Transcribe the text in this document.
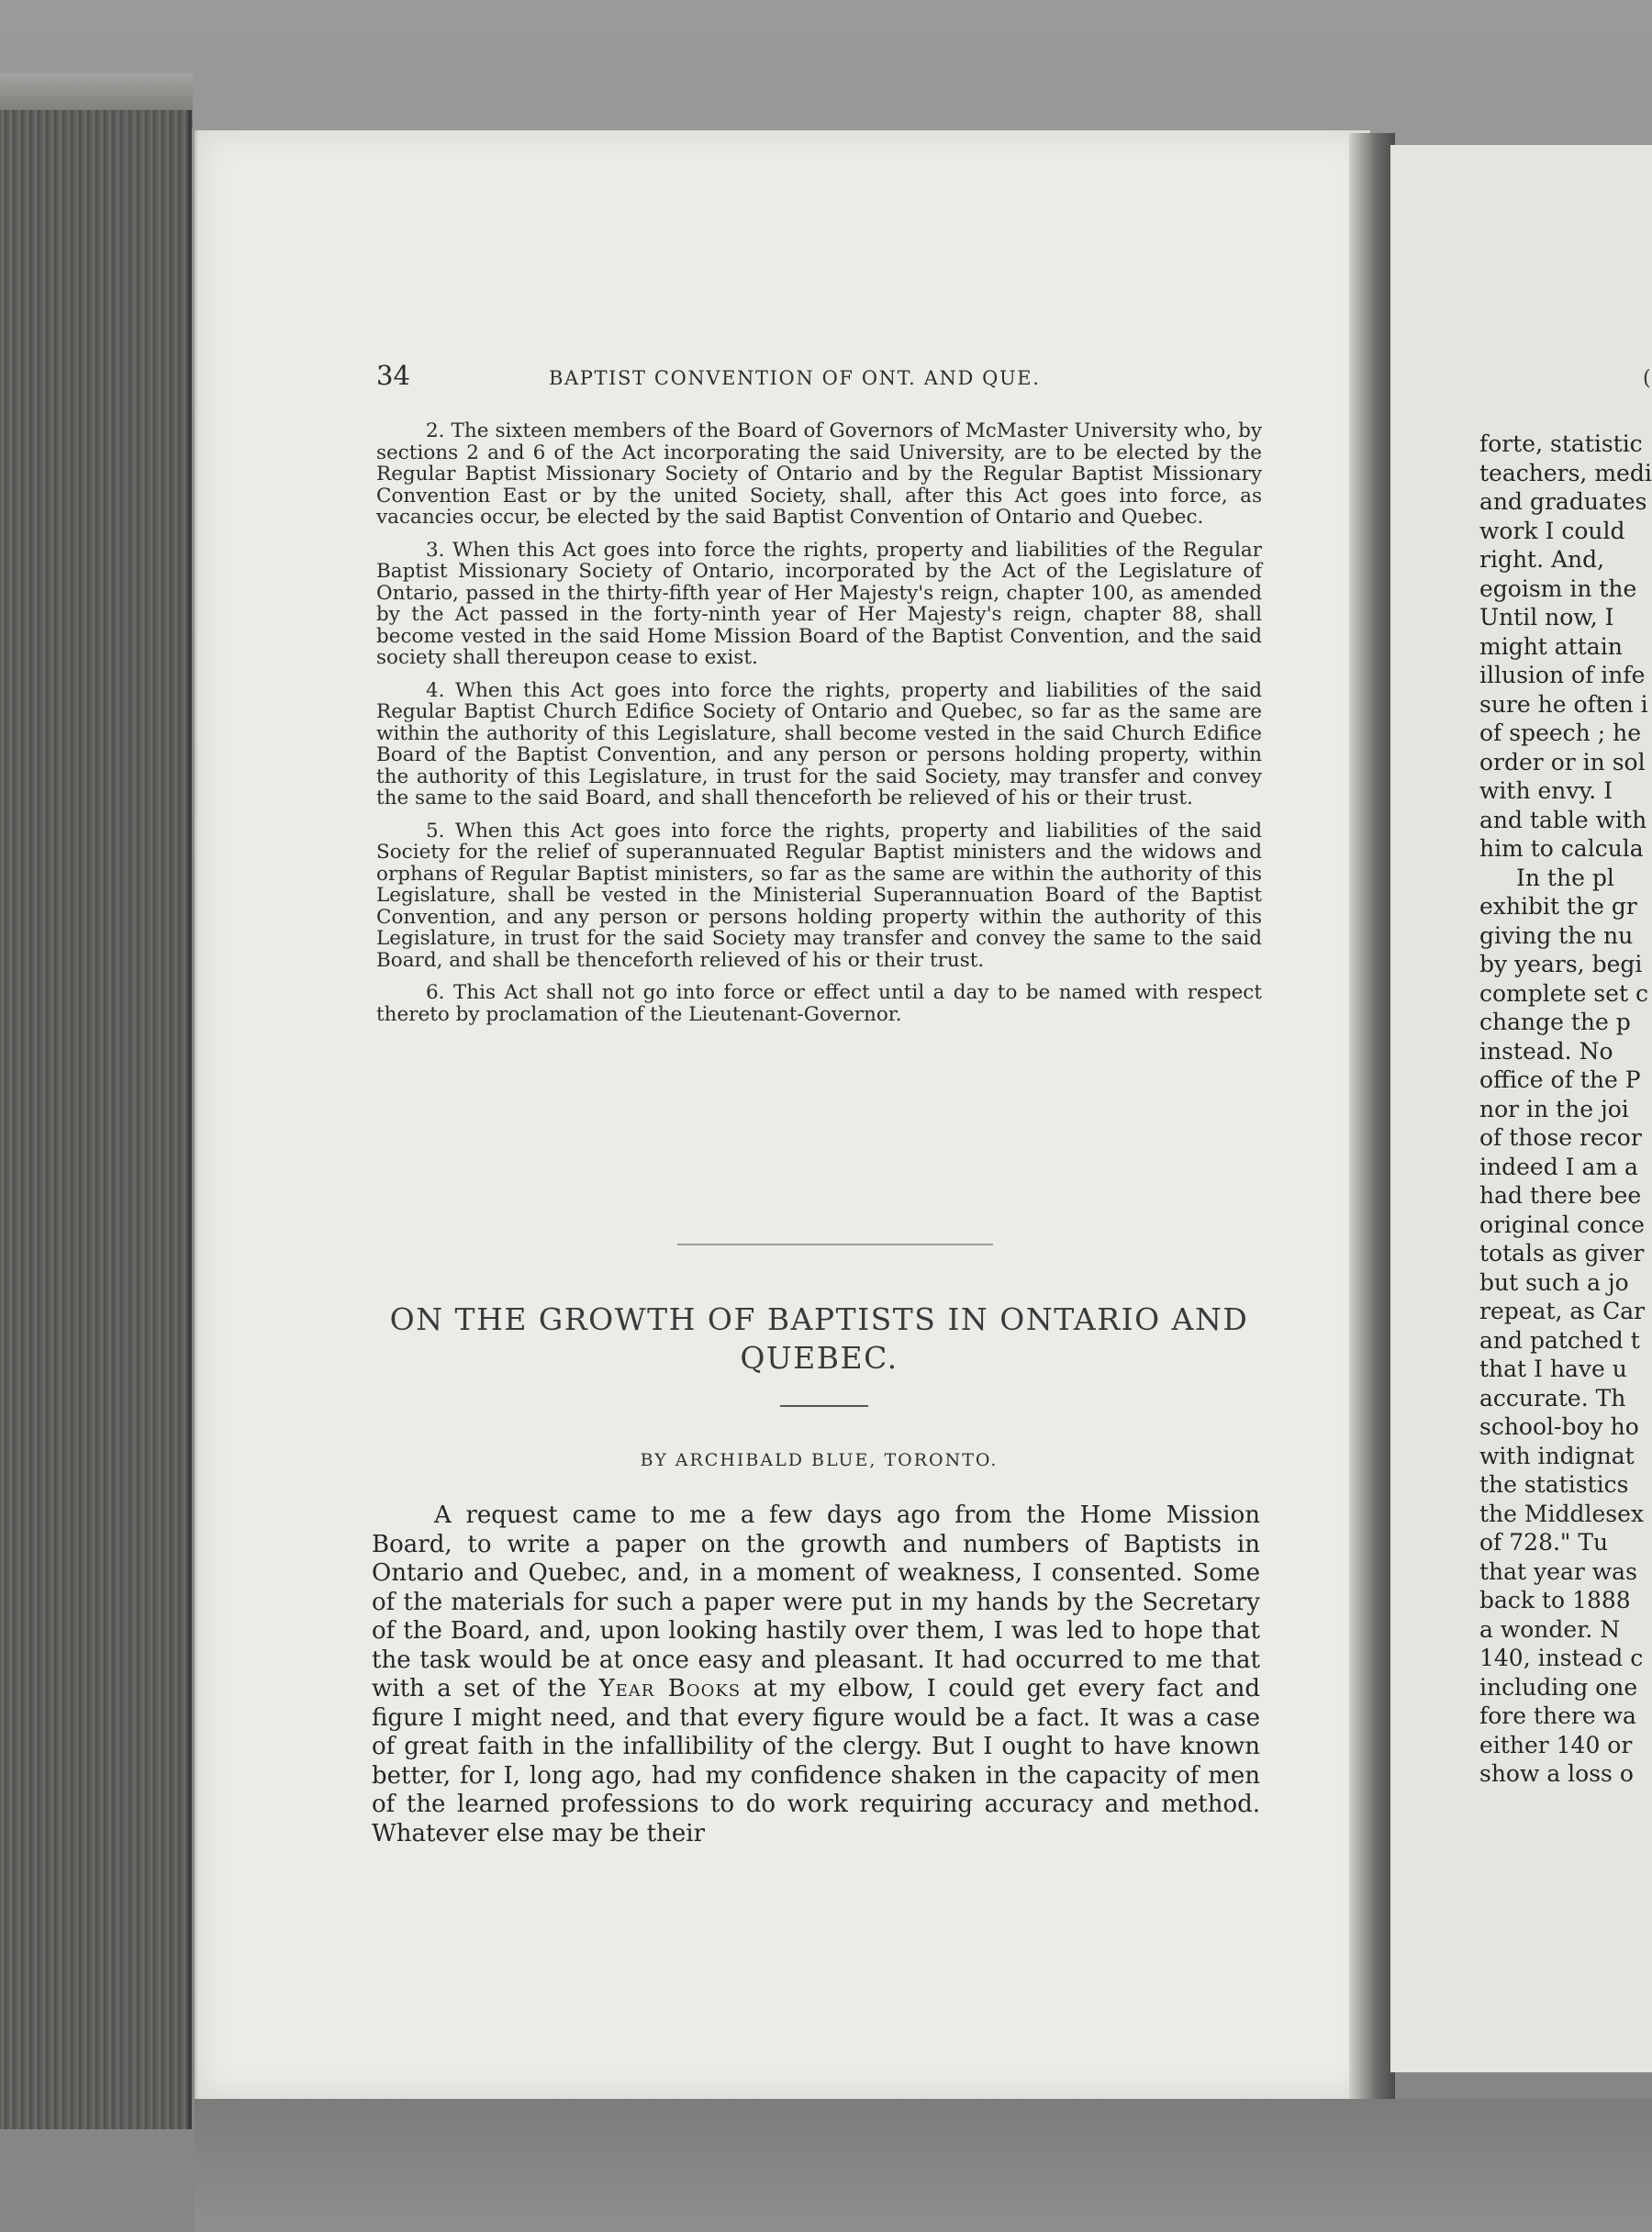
34	BAPTIST CONVENTION OF ONT. AND QUE.

2. The sixteen members of the Board of Governors of McMaster University who, by sections 2 and 6 of the Act incorporating the said University, are to be elected by the Regular Baptist Missionary Society of Ontario and by the Regular Baptist Missionary Convention East or by the united Society, shall, after this Act goes into force, as vacancies occur, be elected by the said Baptist Convention of Ontario and Quebec.

3. When this Act goes into force the rights, property and liabilities of the Regular Baptist Missionary Society of Ontario, incorporated by the Act of the Legislature of Ontario, passed in the thirty-fifth year of Her Majesty's reign, chapter 100, as amended by the Act passed in the forty-ninth year of Her Majesty's reign, chapter 88, shall become vested in the said Home Mission Board of the Baptist Convention, and the said society shall thereupon cease to exist.

4. When this Act goes into force the rights, property and liabilities of the said Regular Baptist Church Edifice Society of Ontario and Quebec, so far as the same are within the authority of this Legislature, shall become vested in the said Church Edifice Board of the Baptist Convention, and any person or persons holding property, within the authority of this Legislature, in trust for the said Society, may transfer and convey the same to the said Board, and shall thenceforth be relieved of his or their trust.

5. When this Act goes into force the rights, property and liabilities of the said Society for the relief of superannuated Regular Baptist ministers and the widows and orphans of Regular Baptist ministers, so far as the same are within the authority of this Legislature, shall be vested in the Ministerial Superannuation Board of the Baptist Convention, and any person or persons holding property within the authority of this Legislature, in trust for the said Society may transfer and convey the same to the said Board, and shall be thenceforth relieved of his or their trust.

6. This Act shall not go into force or effect until a day to be named with respect thereto by proclamation of the Lieutenant-Governor.

ON THE GROWTH OF BAPTISTS IN ONTARIO AND
QUEBEC.
BY ARCHIBALD BLUE, TORONTO.

A request came to me a few days ago from the Home Mission Board, to write a paper on the growth and numbers of Baptists in Ontario and Quebec, and, in a moment of weakness, I consented. Some of the materials for such a paper were put in my hands by the Secretary of the Board, and, upon looking hastily over them, I was led to hope that the task would be at once easy and pleasant. It had occurred to me that with a set of the Year Books at my elbow, I could get every fact and figure I might need, and that every figure would be a fact. It was a case of great faith in the infallibility of the clergy. But I ought to have known better, for I, long ago, had my confidence shaken in the capacity of men of the learned professions to do work requiring accuracy and method. Whatever else may be their

(
forte, statistic
teachers, medi
and graduates
work I could
right. And,
egoism in the
Until now, I
might attain
illusion of infe
sure he often i
of speech ; he
order or in sol
with envy. I
and table with
him to calcula
In the pl
exhibit the gr
giving the nu
by years, begi
complete set c
change the p
instead. No
office of the P
nor in the joi
of those recor
indeed I am a
had there bee
original conce
totals as giver
but such a jo
repeat, as Car
and patched t
that I have u
accurate. Th
school-boy ho
with indignat
the statistics
the Middlesex
of 728." Tu
that year was
back to 1888
a wonder. N
140, instead c
including one
fore there wa
either 140 or
show a loss o
